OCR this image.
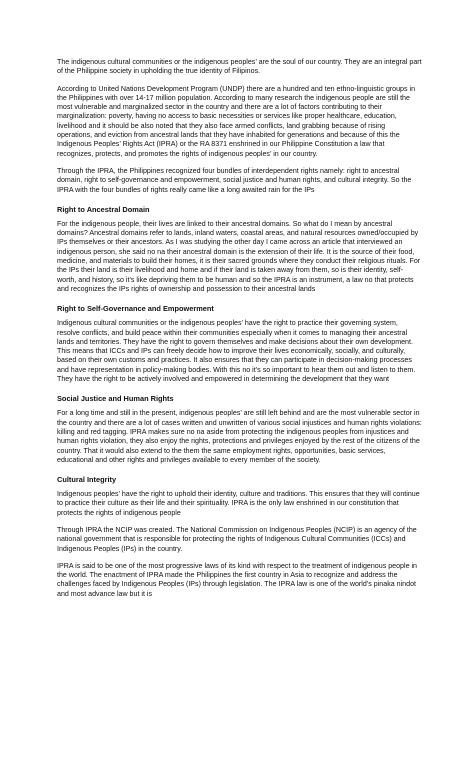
The indigenous cultural communities or the indigenous peoples’ are the soul of our country. They are an integral part of the Philippine society in upholding the true identity of Filipinos.

According to United Nations Development Program (UNDP) there are a hundred and ten ethno-linguistic groups in the Philippines with over 14-17 million population. According to many research the indigenous people are still the most vulnerable and marginalized sector in the country and there are a lot of factors contributing to their marginalization: poverty, having no access to basic necessities or services like proper healthcare, education, livelihood and it should be also noted that they also face armed conflicts, land grabbing because of rising operations, and eviction from ancestral lands that they have inhabited for generations and because of this the Indigenous Peoples’ Rights Act (IPRA) or the RA 8371 enshrined in our Philippine Constitution a law that recognizes, protects, and promotes the rights of indigenous peoples’ in our country.

Through the IPRA, the Philippines recognized four bundles of interdependent rights namely: right to ancestral domain, right to self-governance and empowerment, social justice and human rights, and cultural integrity. So the IPRA with the four bundles of rights really came like a long awaited rain for the IPs

Right to Ancestral Domain

For the indigenous people, their lives are linked to their ancestral domains. So what do I mean by ancestral domains? Ancestral domains refer to lands, inland waters, coastal areas, and natural resources owned/occupied by IPs themselves or their ancestors. As I was studying the other day I came across an article that interviewed an indigenous person, she said no na their ancestral domain is the extension of their life. It is the source of their food, medicine, and materials to build their homes, it is their sacred grounds where they conduct their religious rituals. For the IPs their land is their livelihood and home and if their land is taken away from them, so is their identity, self-worth, and history, so it’s like depriving them to be human and so the IPRA is an instrument, a law no that protects and recognizes the IPs rights of ownership and possession to their ancestral lands

Right to Self-Governance and Empowerment

Indigenous cultural communities or the indigenous peoples’ have the right to practice their governing system, resolve conflicts, and build peace within their communities especially when it comes to managing their ancestral lands and territories. They have the right to govern themselves and make decisions about their own development. This means that ICCs and IPs can freely decide how to improve their lives economically, socially, and culturally, based on their own customs and practices. It also ensures that they can participate in decision-making processes and have representation in policy-making bodies. With this no it’s so important to hear them out and listen to them. They have the right to be actively involved and empowered in determining the development that they want

Social Justice and Human Rights

For a long time and still in the present, indigenous peoples’ are still left behind and are the most vulnerable sector in the country and there are a lot of cases written and unwritten of various social injustices and human rights violations: killing and red tagging. IPRA makes sure no na aside from protecting the indigenous peoples from injustices and human rights violation, they also enjoy the rights, protections and privileges enjoyed by the rest of the citizens of the country. That it would also extend to the them the same employment rights, opportunities, basic services, educational and other rights and privileges available to every member of the society.

Cultural Integrity

Indigenous peoples’ have the right to uphold their identity, culture and traditions. This ensures that they will continue to practice their culture as their life and their spirituality. IPRA is the only law enshrined in our constitution that protects the rights of indigenous people

Through IPRA the NCIP was created. The National Commission on Indigenous Peoples (NCIP) is an agency of the national government that is responsible for protecting the rights of Indigenous Cultural Communities (ICCs) and Indigenous Peoples (IPs) in the country.

IPRA is said to be one of the most progressive laws of its kind with respect to the treatment of indigenous people in the world. The enactment of IPRA made the Philippines the first country in Asia to recognize and address the challenges faced by Indigenous Peoples (IPs) through legislation. The IPRA law is one of the world’s pinaka nindot and most advance law but it is
